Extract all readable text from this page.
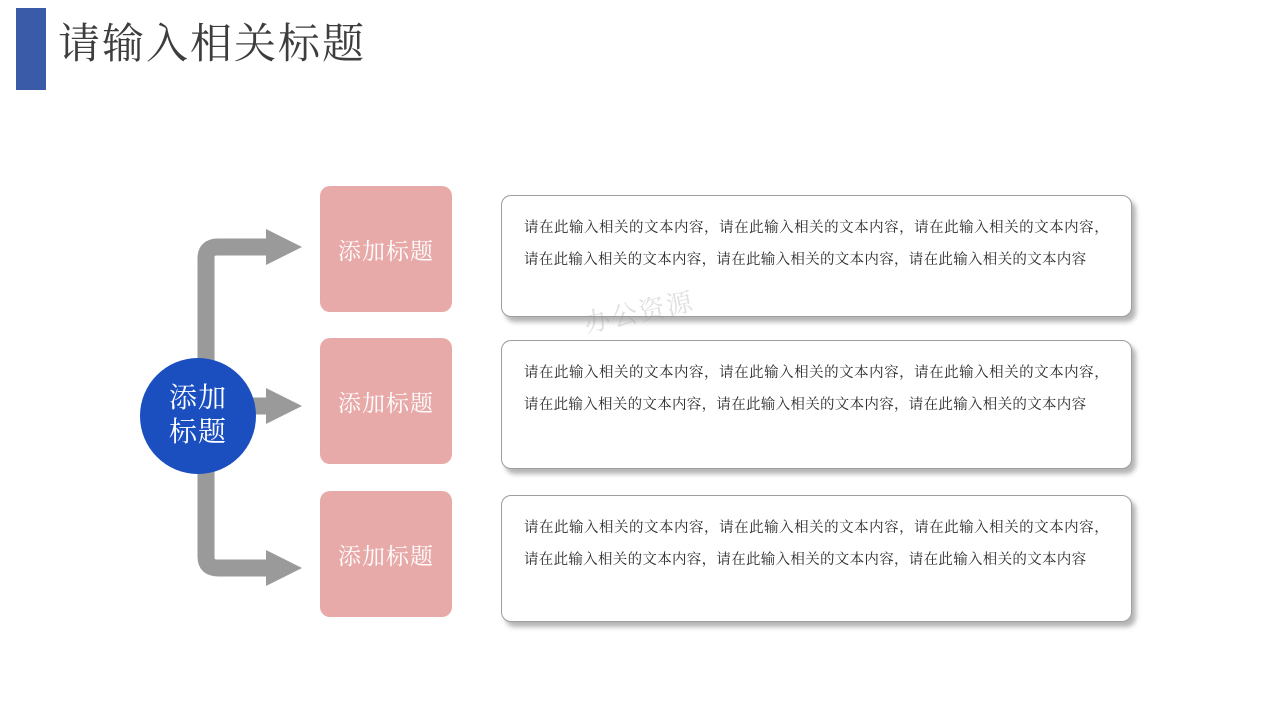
请输入相关标题
添加
标题
添加标题

请在此输入相关的文本内容，请在此输入相关的文本内容，请在此输入相关的文本内容，请在此输入相关的文本内容，请在此输入相关的文本内容，请在此输入相关的文本内容

添加标题

请在此输入相关的文本内容，请在此输入相关的文本内容，请在此输入相关的文本内容，请在此输入相关的文本内容，请在此输入相关的文本内容，请在此输入相关的文本内容

添加标题

请在此输入相关的文本内容，请在此输入相关的文本内容，请在此输入相关的文本内容，请在此输入相关的文本内容，请在此输入相关的文本内容，请在此输入相关的文本内容

办公资源
